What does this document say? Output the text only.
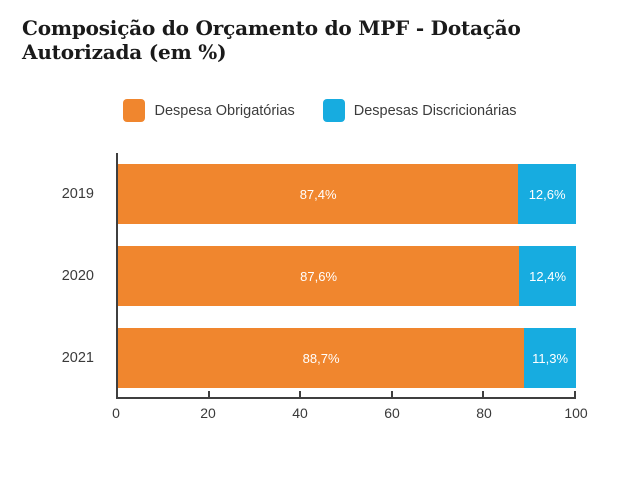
Composição do Orçamento do MPF - Dotação Autorizada (em %)
Despesa Obrigatórias	Despesas Discricionárias
2019	87,4%	12,6%
2020	87,6%	12,4%
2021	88,7%	11,3%
0	20	40	60	80	100
